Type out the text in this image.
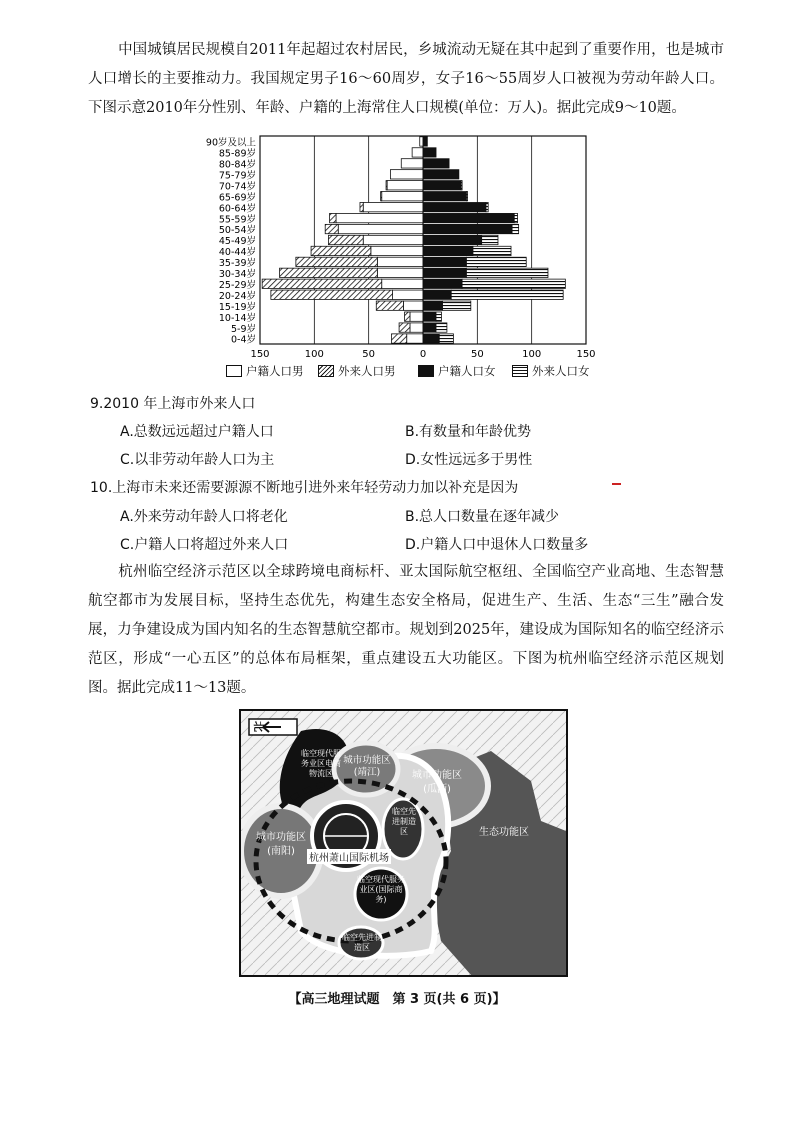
中国城镇居民规模自2011年起超过农村居民，乡城流动无疑在其中起到了重要作用，也是城市人口增长的主要推动力。我国规定男子16～60周岁，女子16～55周岁人口被视为劳动年龄人口。下图示意2010年分性别、年龄、户籍的上海常住人口规模(单位：万人)。据此完成9～10题。
0-4岁
5-9岁
10-14岁
15-19岁
20-24岁
25-29岁
30-34岁
35-39岁
40-44岁
45-49岁
50-54岁
55-59岁
60-64岁
65-69岁
70-74岁
75-79岁
80-84岁
85-89岁
90岁及以上
150	100	50	0	50	100	150
户籍人口男	外来人口男	户籍人口女	外来人口女
9.2010 年上海市外来人口
A.总数远远超过户籍人口	B.有数量和年龄优势
C.以非劳动年龄人口为主	D.女性远远多于男性
10.上海市未来还需要源源不断地引进外来年轻劳动力加以补充是因为
A.外来劳动年龄人口将老化	B.总人口数量在逐年减少
C.户籍人口将超过外来人口	D.户籍人口中退休人口数量多
杭州临空经济示范区以全球跨境电商标杆、亚太国际航空枢纽、全国临空产业高地、生态智慧航空都市为发展目标，坚持生态优先，构建生态安全格局，促进生产、生活、生态“三生”融合发展，力争建设成为国内知名的生态智慧航空都市。规划到2025年，建设成为国际知名的临空经济示范区，形成“一心五区”的总体布局框架，重点建设五大功能区。下图为杭州临空经济示范区规划图。据此完成11～13题。
北
临空现代服务业区电商物流区
城市功能区
(靖江)	城市功能区
(瓜沥)
城市功能区
(南阳)
生态功能区
杭州萧山国际机场
临空先进制造区
临空现代服务业区(国际商务)
临空先进制造区
【高三地理试题　第 3 页(共 6 页)】
